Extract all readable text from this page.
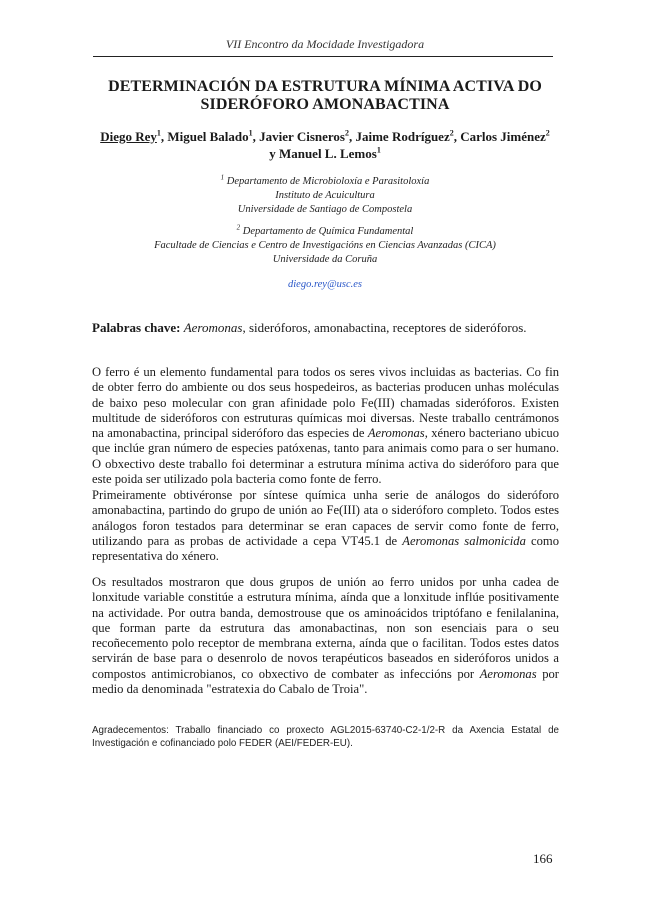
VII Encontro da Mocidade Investigadora
DETERMINACIÓN DA ESTRUTURA MÍNIMA ACTIVA DO
SIDERÓFORO AMONABACTINA
Diego Rey$^1$, Miguel Balado$^1$, Javier Cisneros$^2$, Jaime Rodríguez$^2$, Carlos Jiménez$^2$
y Manuel L. Lemos$^1$
$^1$ Departamento de Microbioloxía e Parasitoloxía
Instituto de Acuicultura
Universidade de Santiago de Compostela
$^2$ Departamento de Química Fundamental
Facultade de Ciencias e Centro de Investigacións en Ciencias Avanzadas (CICA)
Universidade da Coruña
diego.rey@usc.es
Palabras chave: Aeromonas, sideróforos, amonabactina, receptores de sideróforos.

O ferro é un elemento fundamental para todos os seres vivos incluidas as bacterias. Co fin de obter ferro do ambiente ou dos seus hospedeiros, as bacterias producen unhas moléculas de baixo peso molecular con gran afinidade polo Fe(III) chamadas sideróforos. Existen multitude de sideróforos con estruturas químicas moi diversas. Neste traballo centrámonos na amonabactina, principal sideróforo das especies de Aeromonas, xénero bacteriano ubicuo que inclúe gran número de especies patóxenas, tanto para animais como para o ser humano. O obxectivo deste traballo foi determinar a estrutura mínima activa do sideróforo para que este poida ser utilizado pola bacteria como fonte de ferro.

Primeiramente obtivéronse por síntese química unha serie de análogos do sideróforo amonabactina, partindo do grupo de unión ao Fe(III) ata o sideróforo completo. Todos estes análogos foron testados para determinar se eran capaces de servir como fonte de ferro, utilizando para as probas de actividade a cepa VT45.1 de Aeromonas salmonicida como representativa do xénero.

Os resultados mostraron que dous grupos de unión ao ferro unidos por unha cadea de lonxitude variable constitúe a estrutura mínima, aínda que a lonxitude inflúe positivamente na actividade. Por outra banda, demostrouse que os aminoácidos triptófano e fenilalanina, que forman parte da estrutura das amonabactinas, non son esenciais para o seu recoñecemento polo receptor de membrana externa, aínda que o facilitan. Todos estes datos servirán de base para o desenrolo de novos terapéuticos baseados en sideróforos unidos a compostos antimicrobianos, co obxectivo de combater as infeccións por Aeromonas por medio da denominada "estratexia do Cabalo de Troia".

Agradecementos: Traballo financiado co proxecto AGL2015-63740-C2-1/2-R da Axencia Estatal de Investigación e cofinanciado polo FEDER (AEI/FEDER-EU).
166
